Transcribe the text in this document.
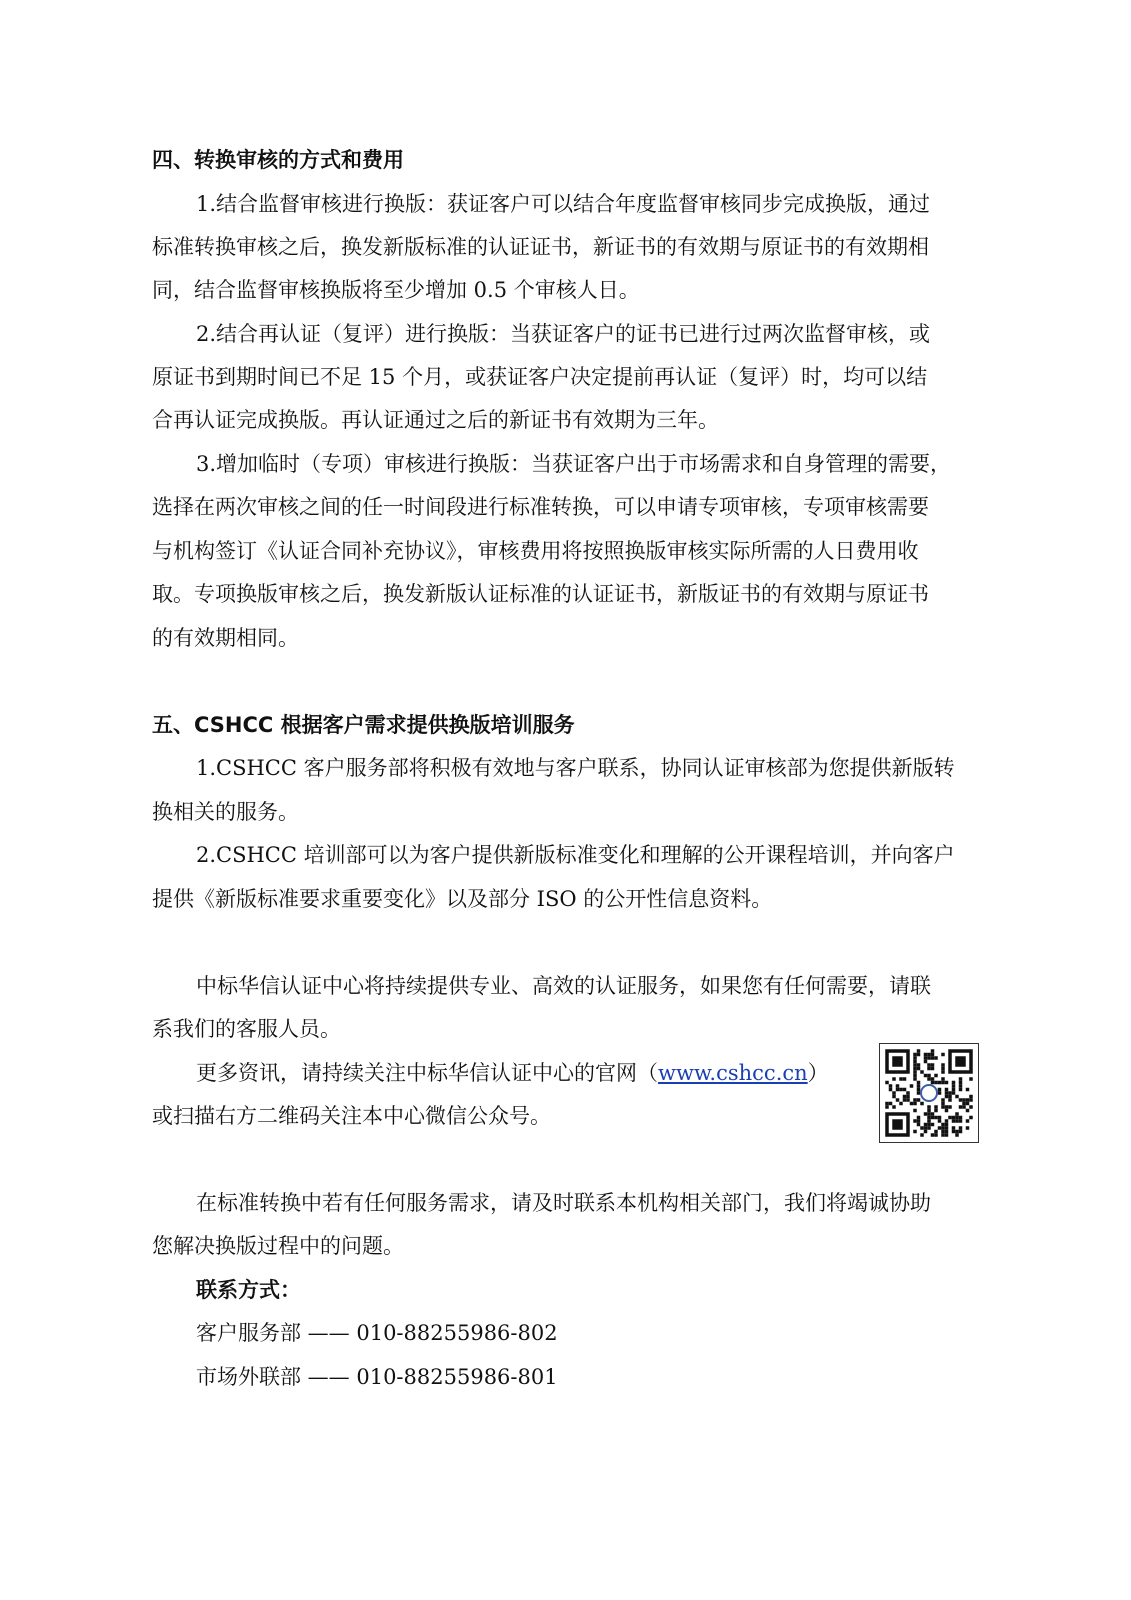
四、转换审核的方式和费用
1.结合监督审核进行换版：获证客户可以结合年度监督审核同步完成换版，通过
标准转换审核之后，换发新版标准的认证证书，新证书的有效期与原证书的有效期相
同，结合监督审核换版将至少增加 0.5 个审核人日。
2.结合再认证（复评）进行换版：当获证客户的证书已进行过两次监督审核，或
原证书到期时间已不足 15 个月，或获证客户决定提前再认证（复评）时，均可以结
合再认证完成换版。再认证通过之后的新证书有效期为三年。
3.增加临时（专项）审核进行换版：当获证客户出于市场需求和自身管理的需要，
选择在两次审核之间的任一时间段进行标准转换，可以申请专项审核，专项审核需要
与机构签订《认证合同补充协议》，审核费用将按照换版审核实际所需的人日费用收
取。专项换版审核之后，换发新版认证标准的认证证书，新版证书的有效期与原证书
的有效期相同。
五、CSHCC 根据客户需求提供换版培训服务
1.CSHCC 客户服务部将积极有效地与客户联系，协同认证审核部为您提供新版转
换相关的服务。
2.CSHCC 培训部可以为客户提供新版标准变化和理解的公开课程培训，并向客户
提供《新版标准要求重要变化》以及部分 ISO 的公开性信息资料。
中标华信认证中心将持续提供专业、高效的认证服务，如果您有任何需要，请联
系我们的客服人员。
更多资讯，请持续关注中标华信认证中心的官网（www.cshcc.cn）
或扫描右方二维码关注本中心微信公众号。
在标准转换中若有任何服务需求，请及时联系本机构相关部门，我们将竭诚协助
您解决换版过程中的问题。
联系方式：
客户服务部 —— 010-88255986-802
市场外联部 —— 010-88255986-801
